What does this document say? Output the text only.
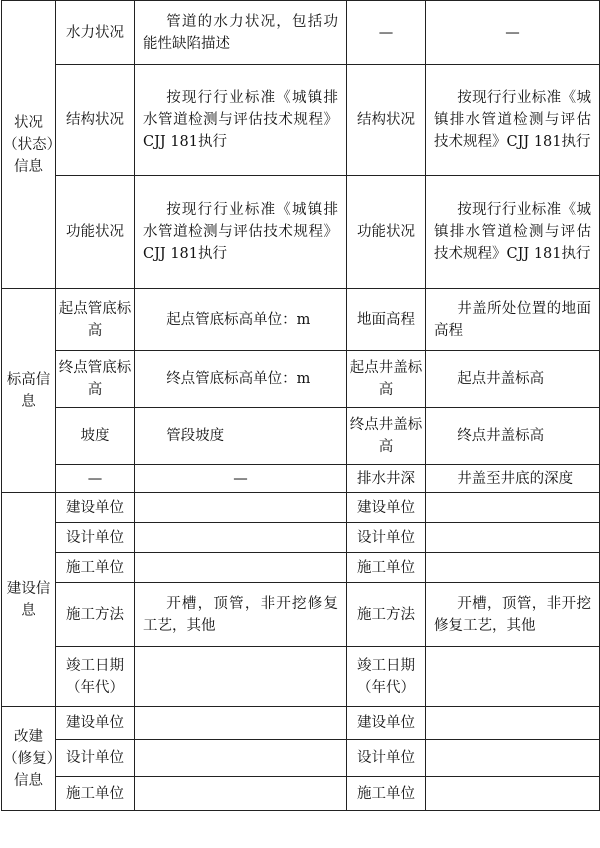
状况（状态）信息	水力状况	管道的水力状况，包括功能性缺陷描述	—	—
	结构状况	按现行行业标准《城镇排水管道检测与评估技术规程》CJJ 181执行	结构状况	按现行行业标准《城镇排水管道检测与评估技术规程》CJJ 181执行
	功能状况	按现行行业标准《城镇排水管道检测与评估技术规程》CJJ 181执行	功能状况	按现行行业标准《城镇排水管道检测与评估技术规程》CJJ 181执行
标高信息	起点管底标高	起点管底标高单位：m	地面高程	井盖所处位置的地面高程
	终点管底标高	终点管底标高单位：m	起点井盖标高	起点井盖标高
	坡度	管段坡度	终点井盖标高	终点井盖标高
	—	—	排水井深	井盖至井底的深度
建设信息	建设单位		建设单位	
	设计单位		设计单位	
	施工单位		施工单位	
	施工方法	开槽，顶管，非开挖修复工艺，其他	施工方法	开槽，顶管，非开挖修复工艺，其他
	竣工日期（年代）		竣工日期（年代）	
改建（修复）信息	建设单位		建设单位	
	设计单位		设计单位	
	施工单位		施工单位	
